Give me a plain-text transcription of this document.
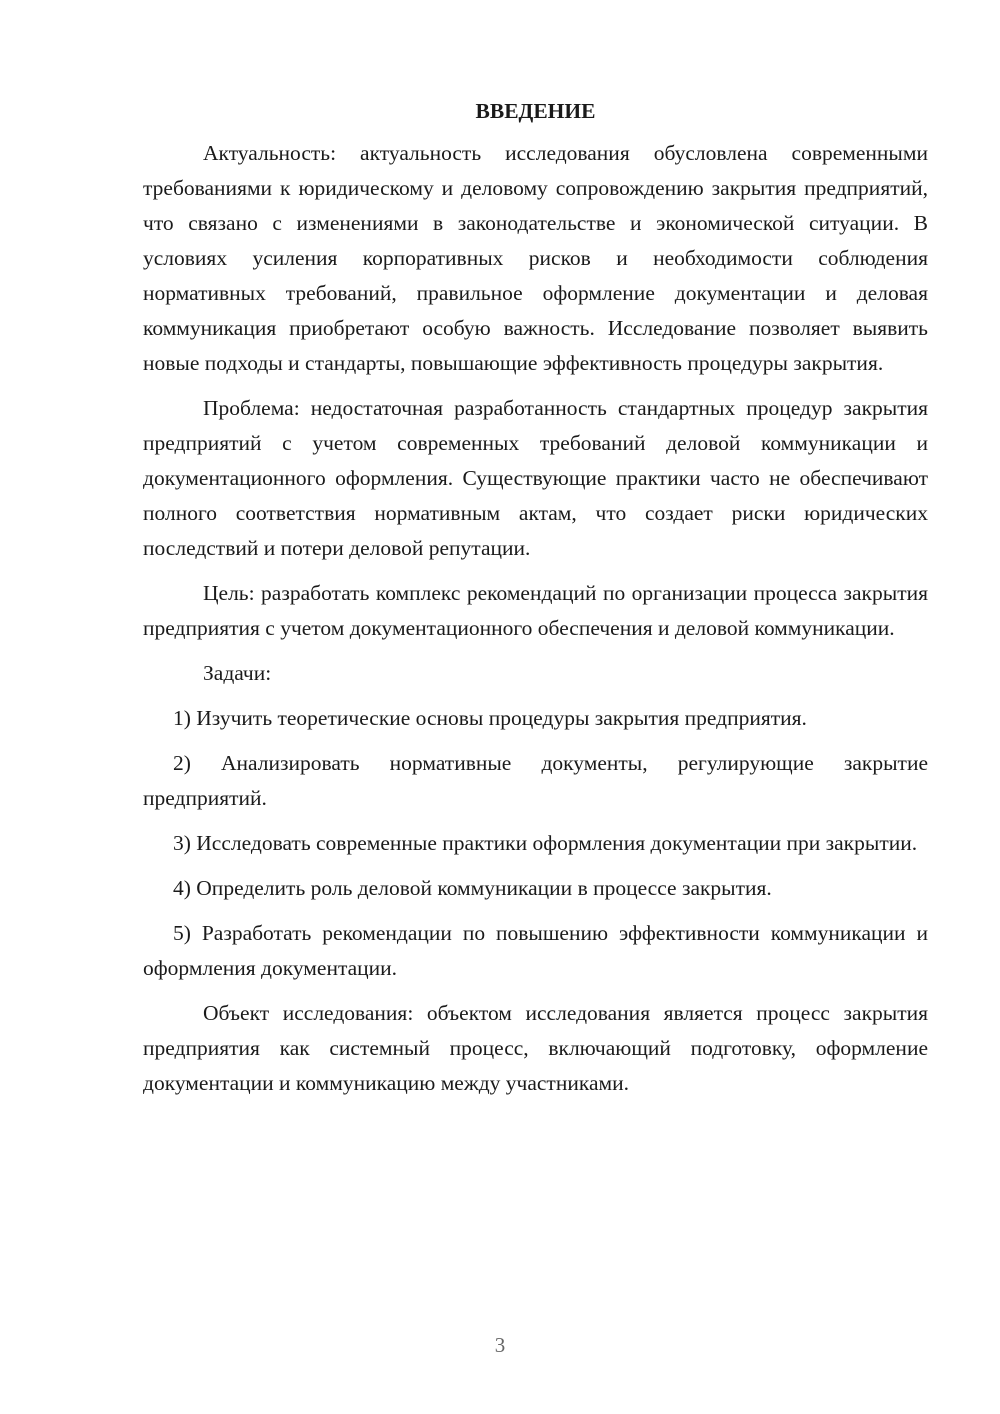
ВВЕДЕНИЕ

Актуальность: актуальность исследования обусловлена современными требованиями к юридическому и деловому сопровождению закрытия предприятий, что связано с изменениями в законодательстве и экономической ситуации. В условиях усиления корпоративных рисков и необходимости соблюдения нормативных требований, правильное оформление документации и деловая коммуникация приобретают особую важность. Исследование позволяет выявить новые подходы и стандарты, повышающие эффективность процедуры закрытия.

Проблема: недостаточная разработанность стандартных процедур закрытия предприятий с учетом современных требований деловой коммуникации и документационного оформления. Существующие практики часто не обеспечивают полного соответствия нормативным актам, что создает риски юридических последствий и потери деловой репутации.

Цель: разработать комплекс рекомендаций по организации процесса закрытия предприятия с учетом документационного обеспечения и деловой коммуникации.

Задачи:

1) Изучить теоретические основы процедуры закрытия предприятия.

2) Анализировать нормативные документы, регулирующие закрытие предприятий.

3) Исследовать современные практики оформления документации при закрытии.

4) Определить роль деловой коммуникации в процессе закрытия.

5) Разработать рекомендации по повышению эффективности коммуникации и оформления документации.

Объект исследования: объектом исследования является процесс закрытия предприятия как системный процесс, включающий подготовку, оформление документации и коммуникацию между участниками.

3
